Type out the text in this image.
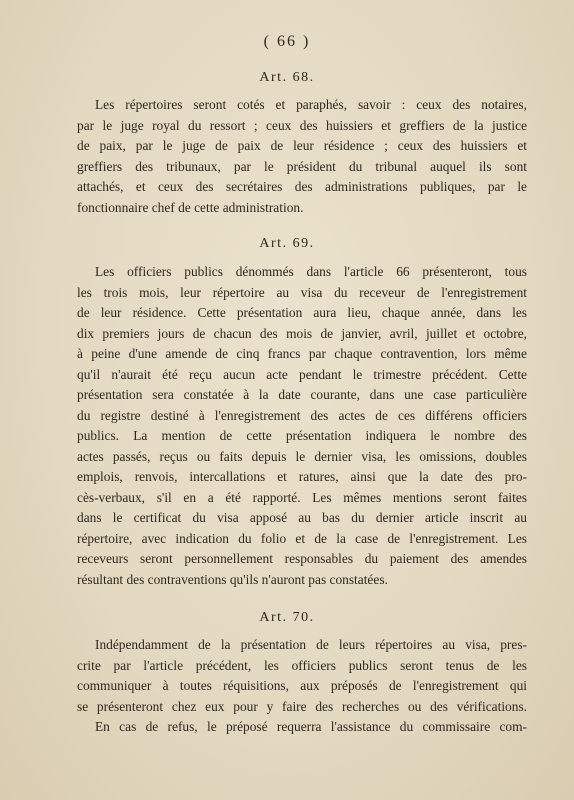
( 66 )
Art. 68.
Les répertoires seront cotés et paraphés, savoir : ceux des notaires,
par le juge royal du ressort ; ceux des huissiers et greffiers de la justice
de paix, par le juge de paix de leur résidence ; ceux des huissiers et
greffiers des tribunaux, par le président du tribunal auquel ils sont
attachés, et ceux des secrétaires des administrations publiques, par le
fonctionnaire chef de cette administration.
Art. 69.
Les officiers publics dénommés dans l'article 66 présenteront, tous
les trois mois, leur répertoire au visa du receveur de l'enregistrement
de leur résidence. Cette présentation aura lieu, chaque année, dans les
dix premiers jours de chacun des mois de janvier, avril, juillet et octobre,
à peine d'une amende de cinq francs par chaque contravention, lors même
qu'il n'aurait été reçu aucun acte pendant le trimestre précédent. Cette
présentation sera constatée à la date courante, dans une case particulière
du registre destiné à l'enregistrement des actes de ces différens officiers
publics. La mention de cette présentation indiquera le nombre des
actes passés, reçus ou faits depuis le dernier visa, les omissions, doubles
emplois, renvois, intercallations et ratures, ainsi que la date des pro-
cès-verbaux, s'il en a été rapporté. Les mêmes mentions seront faites
dans le certificat du visa apposé au bas du dernier article inscrit au
répertoire, avec indication du folio et de la case de l'enregistrement. Les
receveurs seront personnellement responsables du paiement des amendes
résultant des contraventions qu'ils n'auront pas constatées.
Art. 70.
Indépendamment de la présentation de leurs répertoires au visa, pres-
crite par l'article précédent, les officiers publics seront tenus de les
communiquer à toutes réquisitions, aux préposés de l'enregistrement qui
se présenteront chez eux pour y faire des recherches ou des vérifications.
En cas de refus, le préposé requerra l'assistance du commissaire com-
